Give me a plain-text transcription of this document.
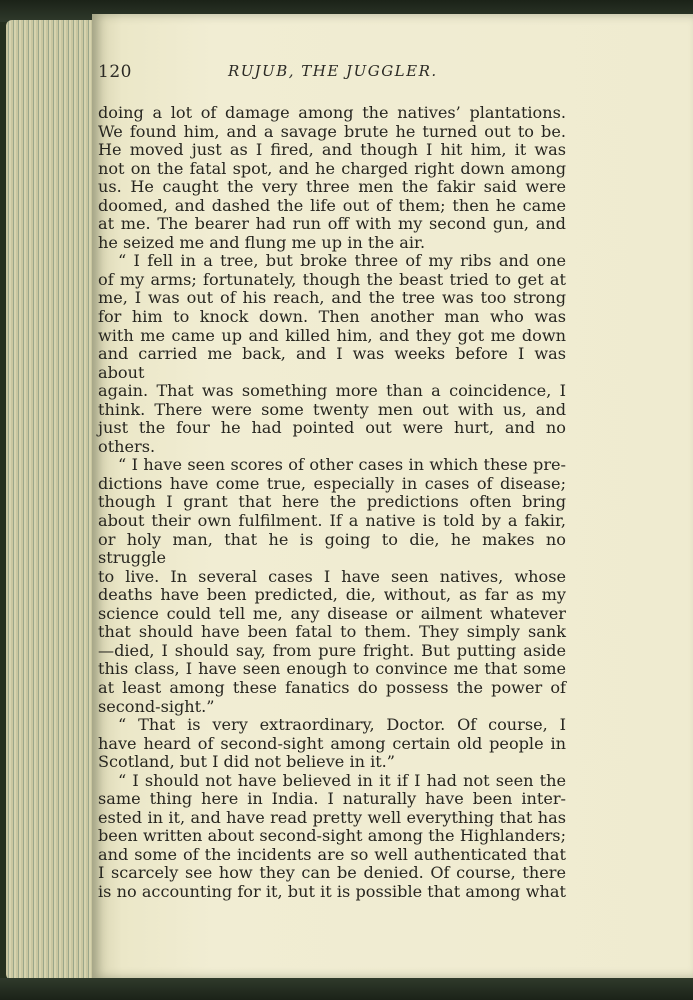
120	RUJUB, THE JUGGLER.

doing a lot of damage among the natives’ plantations.

We found him, and a savage brute he turned out to be.

He moved just as I fired, and though I hit him, it was

not on the fatal spot, and he charged right down among

us. He caught the very three men the fakir said were

doomed, and dashed the life out of them; then he came

at me. The bearer had run off with my second gun, and

he seized me and flung me up in the air.

“ I fell in a tree, but broke three of my ribs and one

of my arms; fortunately, though the beast tried to get at

me, I was out of his reach, and the tree was too strong

for him to knock down. Then another man who was

with me came up and killed him, and they got me down

and carried me back, and I was weeks before I was about

again. That was something more than a coincidence, I

think. There were some twenty men out with us, and

just the four he had pointed out were hurt, and no

others.

“ I have seen scores of other cases in which these pre-

dictions have come true, especially in cases of disease;

though I grant that here the predictions often bring

about their own fulfilment. If a native is told by a fakir,

or holy man, that he is going to die, he makes no struggle

to live. In several cases I have seen natives, whose

deaths have been predicted, die, without, as far as my

science could tell me, any disease or ailment whatever

that should have been fatal to them. They simply sank

—died, I should say, from pure fright. But putting aside

this class, I have seen enough to convince me that some

at least among these fanatics do possess the power of

second-sight.”

“ That is very extraordinary, Doctor. Of course, I

have heard of second-sight among certain old people in

Scotland, but I did not believe in it.”

“ I should not have believed in it if I had not seen the

same thing here in India. I naturally have been inter-

ested in it, and have read pretty well everything that has

been written about second-sight among the Highlanders;

and some of the incidents are so well authenticated that

I scarcely see how they can be denied. Of course, there

is no accounting for it, but it is possible that among what
